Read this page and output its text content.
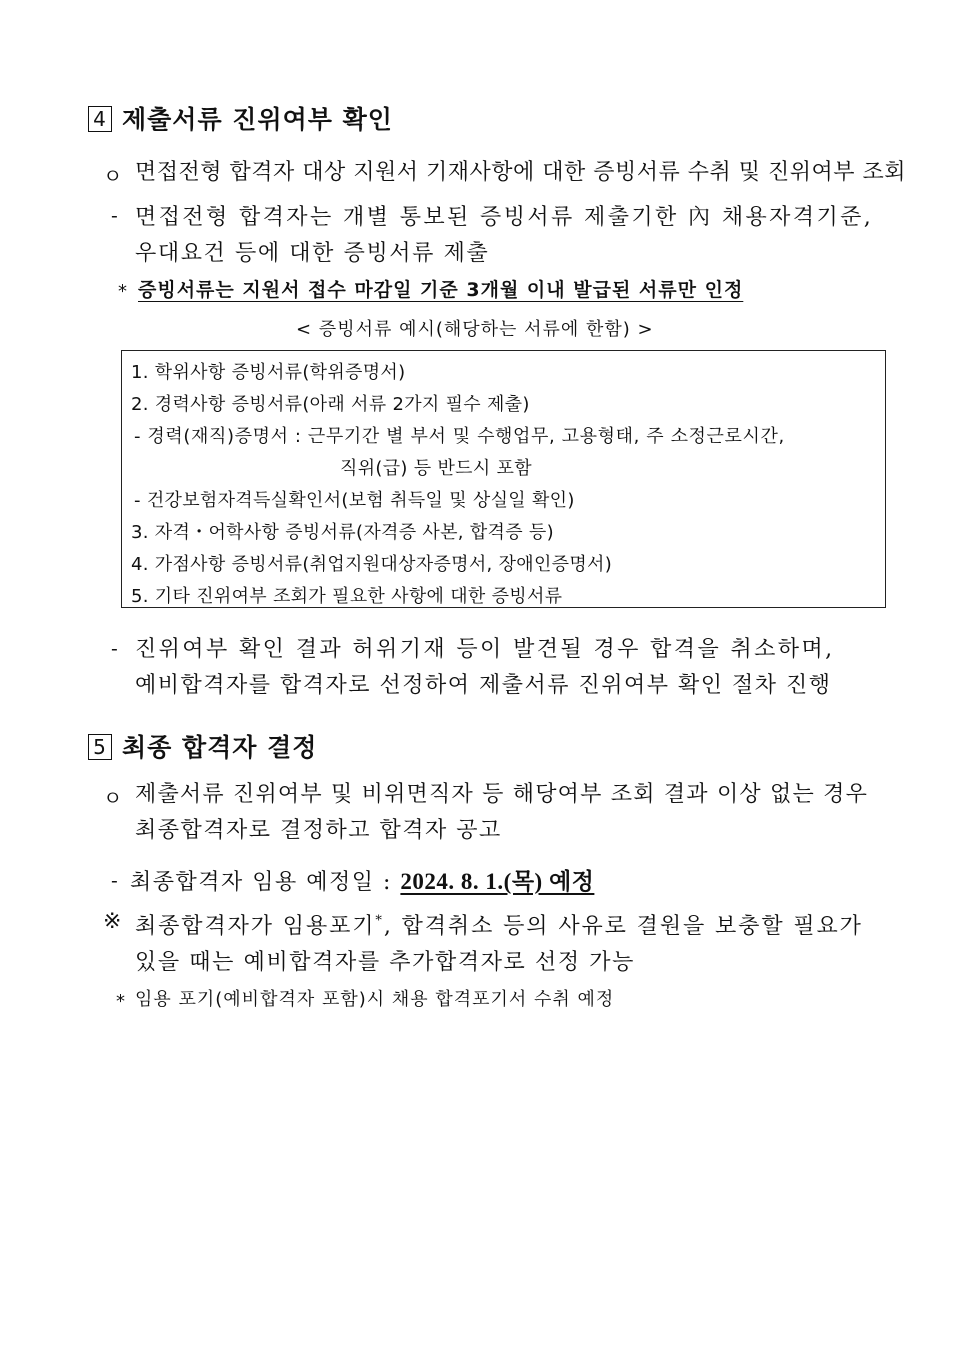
4 제출서류 진위여부 확인
ㅇ 면접전형 합격자 대상 지원서 기재사항에 대한 증빙서류 수취 및 진위여부 조회
- 면접전형 합격자는 개별 통보된 증빙서류 제출기한 內 채용자격기준,
우대요건 등에 대한 증빙서류 제출
* 증빙서류는 지원서 접수 마감일 기준 3개월 이내 발급된 서류만 인정
< 증빙서류 예시(해당하는 서류에 한함) >
1. 학위사항 증빙서류(학위증명서)
2. 경력사항 증빙서류(아래 서류 2가지 필수 제출)
- 경력(재직)증명서 : 근무기간 별 부서 및 수행업무, 고용형태, 주 소정근로시간,
직위(급) 등 반드시 포함
- 건강보험자격득실확인서(보험 취득일 및 상실일 확인)
3. 자격・어학사항 증빙서류(자격증 사본, 합격증 등)
4. 가점사항 증빙서류(취업지원대상자증명서, 장애인증명서)
5. 기타 진위여부 조회가 필요한 사항에 대한 증빙서류
- 진위여부 확인 결과 허위기재 등이 발견될 경우 합격을 취소하며,
예비합격자를 합격자로 선정하여 제출서류 진위여부 확인 절차 진행
5 최종 합격자 결정
ㅇ 제출서류 진위여부 및 비위면직자 등 해당여부 조회 결과 이상 없는 경우
최종합격자로 결정하고 합격자 공고
- 최종합격자 임용 예정일 : 2024. 8. 1.(목) 예정
※ 최종합격자가 임용포기*, 합격취소 등의 사유로 결원을 보충할 필요가
있을 때는 예비합격자를 추가합격자로 선정 가능
* 임용 포기(예비합격자 포함)시 채용 합격포기서 수취 예정
